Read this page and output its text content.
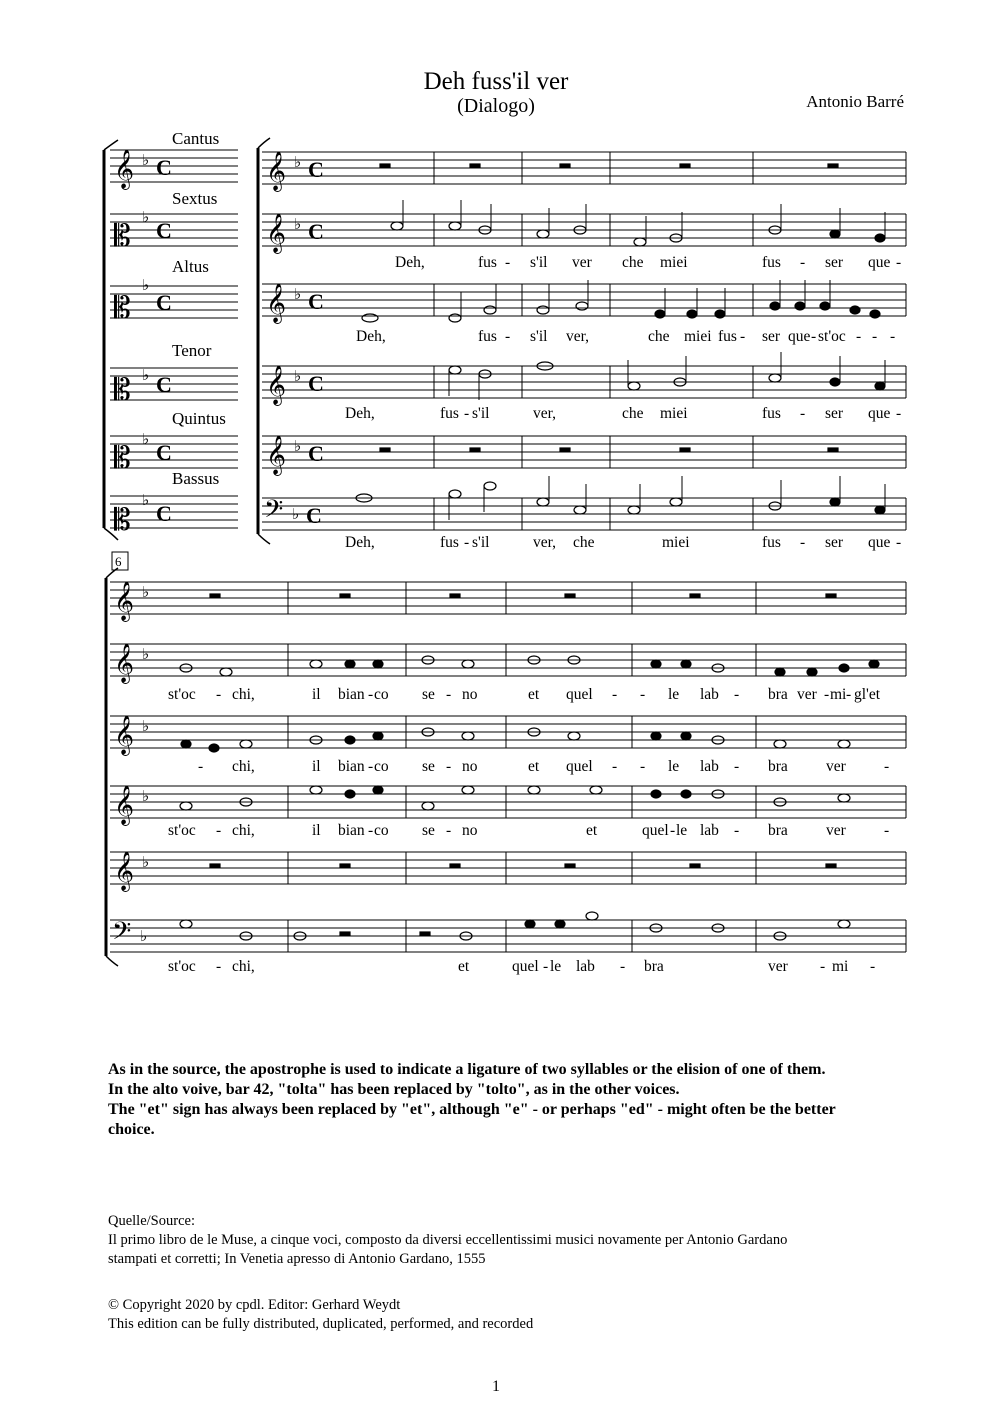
Deh fuss'il ver
(Dialogo)	Antonio Barré
Cantus
Sextus
Altus
Tenor
Quintus
Bassus
𝄞
𝄡
𝄡
𝄡
𝄡
𝄡
𝄞
𝄞
𝄞
𝄞
𝄞
𝄢
𝄞
𝄞
𝄞
𝄞
𝄞
𝄢
♭
♭
♭
♭
♭
♭
♭
♭
♭
♭
♭
♭
♭
♭
♭
♭
♭
♭
C
C
C
C
C
C
C
C
C
C
C
C
6
Deh,	fus - s'il ver che miei	fus - ser que -
Deh,	fus - s'il ver,	che miei fus - ser que - st'oc - - -
Deh,	fus - s'il	ver,	che miei	fus - ser que -
Deh,	fus - s'il	ver, che	miei	fus - ser que -
st'oc - chi,	il bian - co se - no	et quel - - le lab - bra ver - mi - gl'et
- chi,	il bian - co se - no	et quel - - le lab - bra ver -
st'oc - chi,	il bian - co se - no	et	quel - le lab - bra ver -
st'oc - chi,	et	quel - le lab - bra	ver - mi -
As in the source, the apostrophe is used to indicate a ligature of two syllables or the elision of one of them.
In the alto voive, bar 42, "tolta" has been replaced by "tolto", as in the other voices.
The "et" sign has always been replaced by "et", although "e" - or perhaps "ed" - might often be the better
choice.
Quelle/Source:
Il primo libro de le Muse, a cinque voci, composto da diversi eccellentissimi musici novamente per Antonio Gardano
stampati et corretti; In Venetia apresso di Antonio Gardano, 1555
© Copyright 2020 by cpdl. Editor: Gerhard Weydt
This edition can be fully distributed, duplicated, performed, and recorded
1
